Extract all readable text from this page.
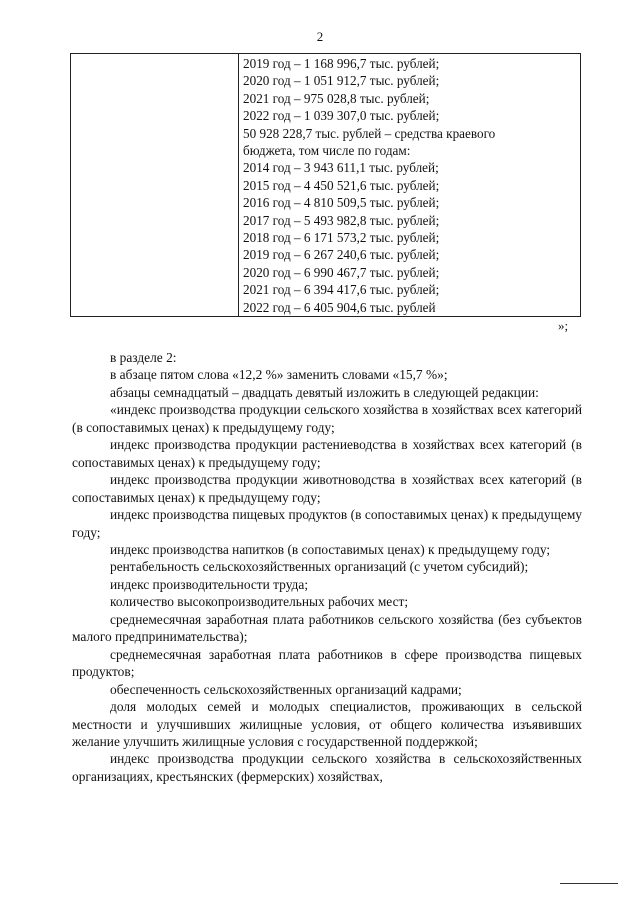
2
2019 год – 1 168 996,7 тыс. рублей;
2020 год – 1 051 912,7 тыс. рублей;
2021 год – 975 028,8 тыс. рублей;
2022 год – 1 039 307,0 тыс. рублей;
50 928 228,7 тыс. рублей – средства краевого
бюджета, том числе по годам:
2014 год – 3 943 611,1 тыс. рублей;
2015 год – 4 450 521,6 тыс. рублей;
2016 год – 4 810 509,5 тыс. рублей;
2017 год – 5 493 982,8 тыс. рублей;
2018 год – 6 171 573,2 тыс. рублей;
2019 год – 6 267 240,6 тыс. рублей;
2020 год – 6 990 467,7 тыс. рублей;
2021 год – 6 394 417,6 тыс. рублей;
2022 год – 6 405 904,6 тыс. рублей
»;

в разделе 2:

в абзаце пятом слова «12,2 %» заменить словами «15,7 %»;

абзацы семнадцатый – двадцать девятый изложить в следующей редакции:

«индекс производства продукции сельского хозяйства в хозяйствах всех категорий (в сопоставимых ценах) к предыдущему году;

индекс производства продукции растениеводства в хозяйствах всех категорий (в сопоставимых ценах) к предыдущему году;

индекс производства продукции животноводства в хозяйствах всех категорий (в сопоставимых ценах) к предыдущему году;

индекс производства пищевых продуктов (в сопоставимых ценах) к предыдущему году;

индекс производства напитков (в сопоставимых ценах) к предыдущему году;

рентабельность сельскохозяйственных организаций (с учетом субсидий);

индекс производительности труда;

количество высокопроизводительных рабочих мест;

среднемесячная заработная плата работников сельского хозяйства (без субъектов малого предпринимательства);

среднемесячная заработная плата работников в сфере производства пищевых продуктов;

обеспеченность сельскохозяйственных организаций кадрами;

доля молодых семей и молодых специалистов, проживающих в сельской местности и улучшивших жилищные условия, от общего количества изъявивших желание улучшить жилищные условия с государственной поддержкой;

индекс производства продукции сельского хозяйства в сельскохозяйственных организациях, крестьянских (фермерских) хозяйствах,
